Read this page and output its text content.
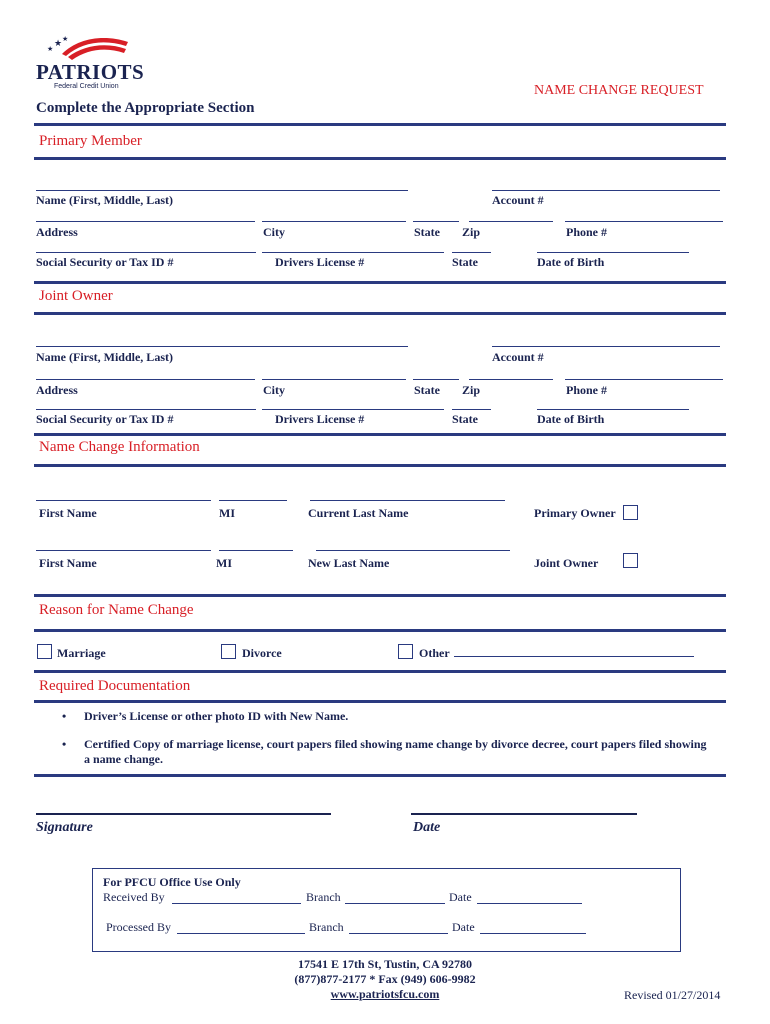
★ ★
★
PATRIOTS
Federal Credit Union	NAME CHANGE REQUEST
Complete the Appropriate Section
Primary Member
Name (First, Middle, Last)	Account #
Address	City	State Zip	Phone #
Social Security or Tax ID #	Drivers License #	State	Date of Birth
Joint Owner
Name (First, Middle, Last)	Account #
Address	City	State Zip	Phone #
Social Security or Tax ID #	Drivers License #	State	Date of Birth
Name Change Information
First Name	MI	Current Last Name	Primary Owner
First Name	MI	New Last Name	Joint Owner
Reason for Name Change
Marriage	Divorce	Other
Required Documentation
• Driver’s License or other photo ID with New Name.
• Certified Copy of marriage license, court papers filed showing name change by divorce decree, court papers filed showing a name change.
Signature	Date
For PFCU Office Use Only
Received By	Branch	Date
Processed By	Branch	Date
17541 E 17th St, Tustin, CA 92780
(877)877-2177 * Fax (949) 606-9982
www.patriotsfcu.com	Revised 01/27/2014
